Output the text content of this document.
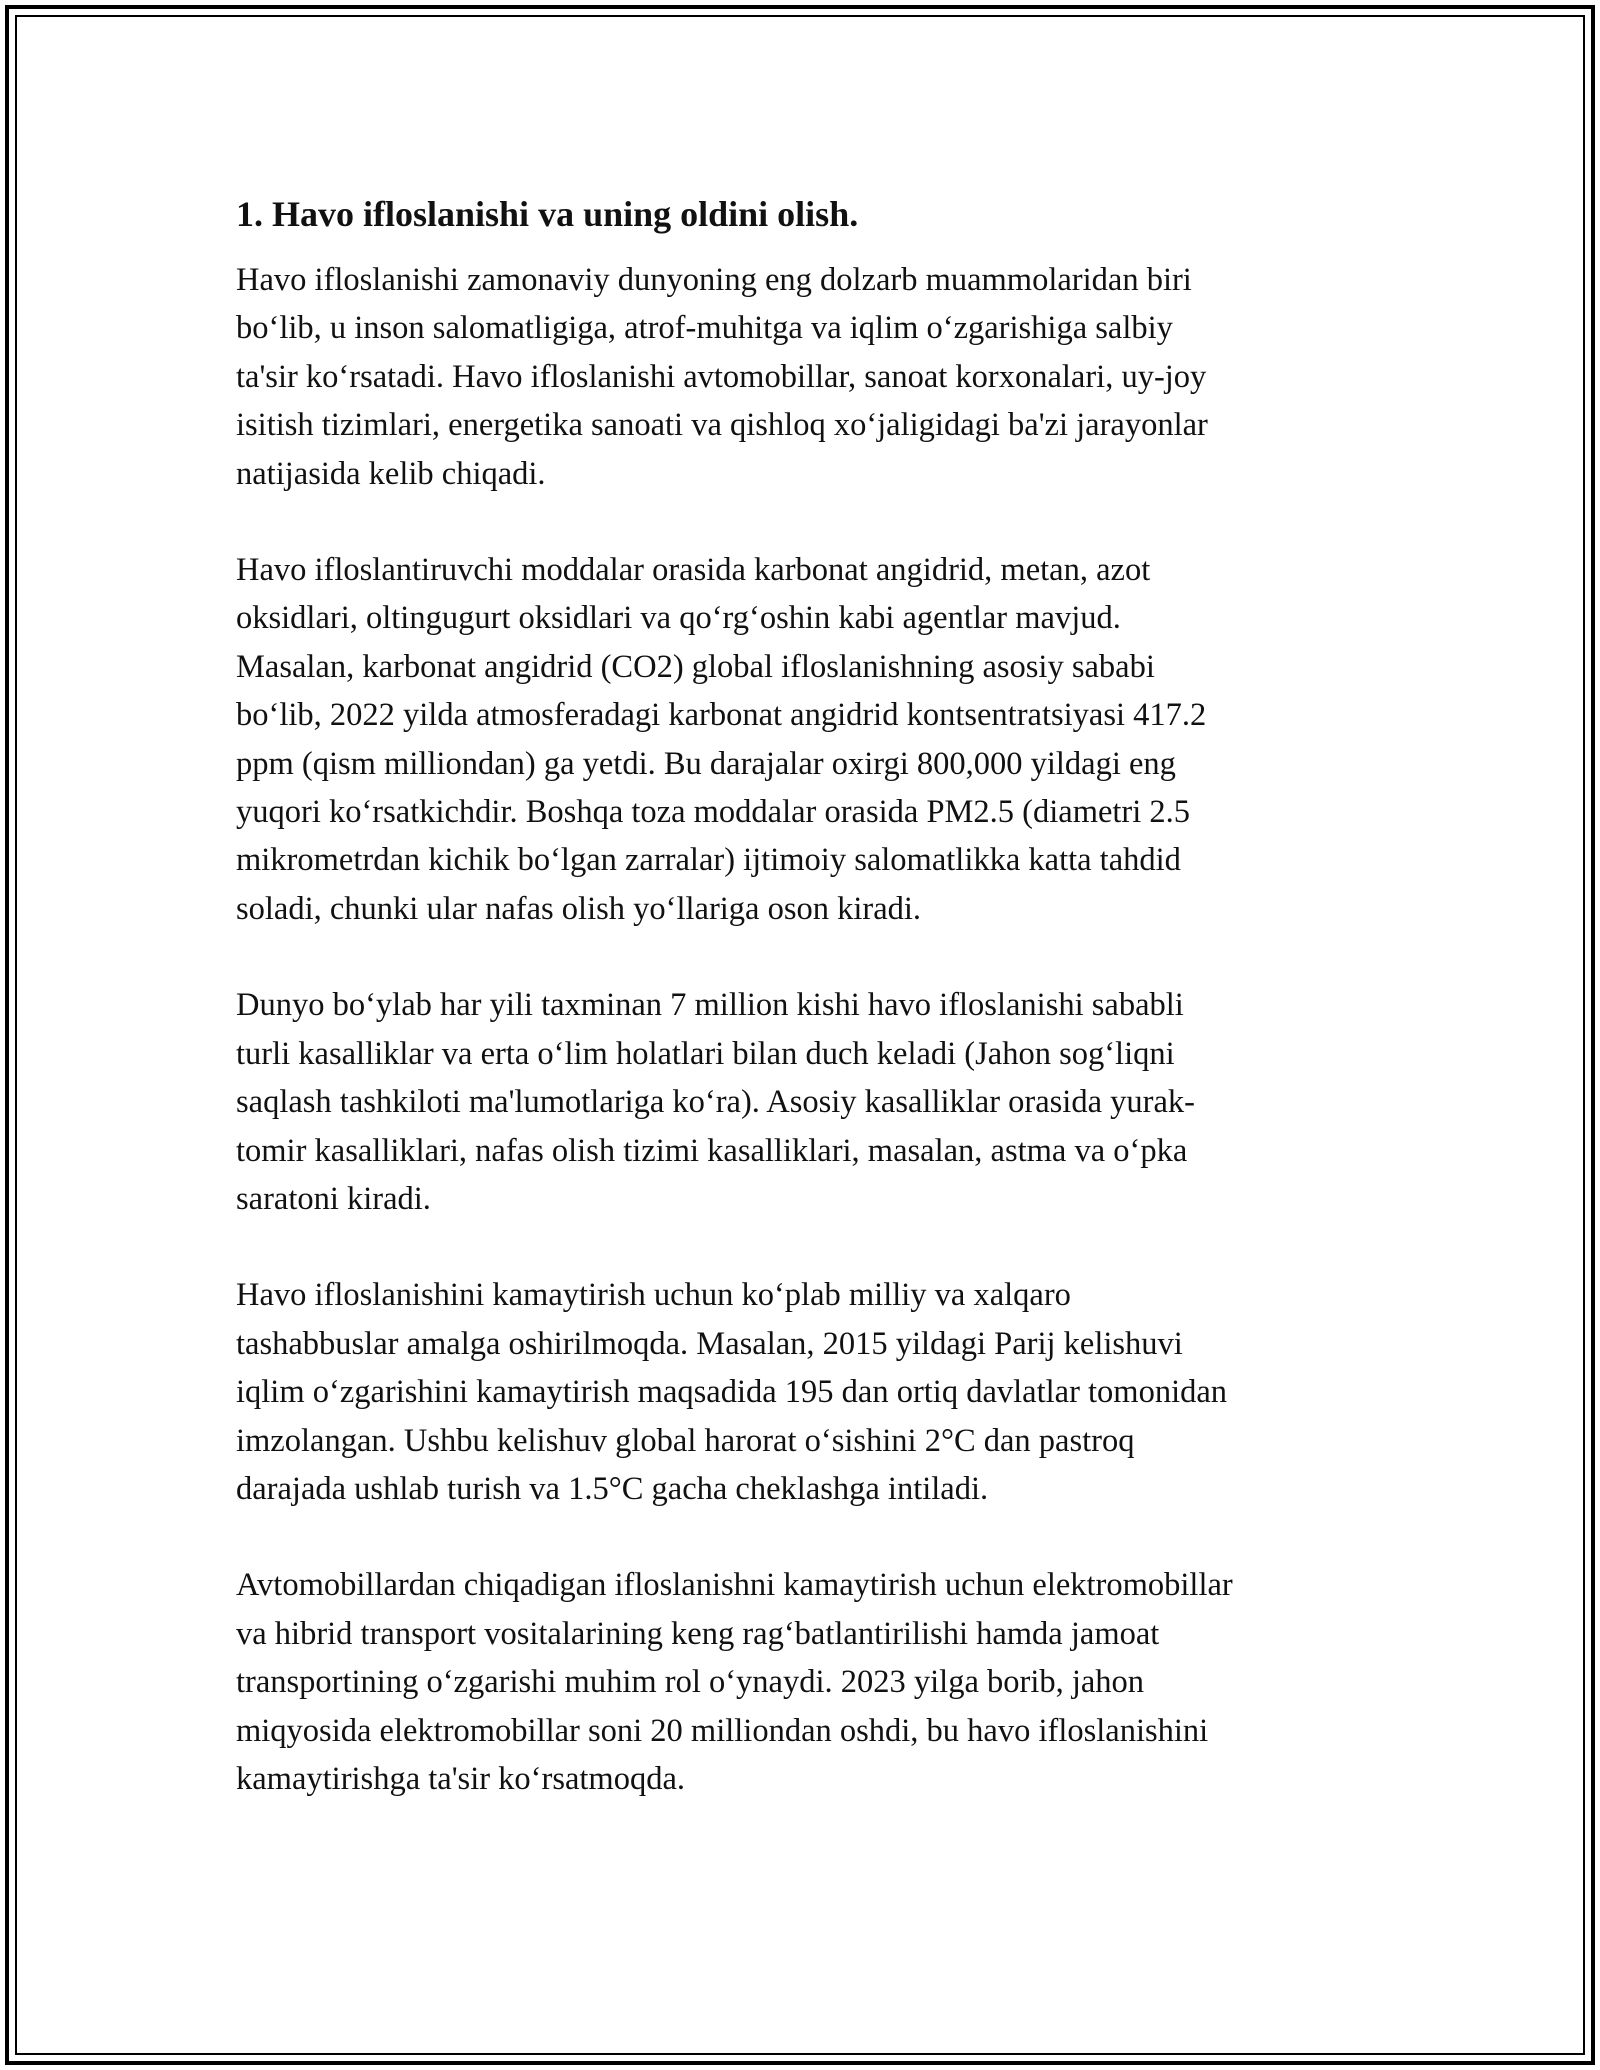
1. Havo ifloslanishi va uning oldini olish.

Havo ifloslanishi zamonaviy dunyoning eng dolzarb muammolaridan biri
bo‘lib, u inson salomatligiga, atrof-muhitga va iqlim o‘zgarishiga salbiy
ta'sir ko‘rsatadi. Havo ifloslanishi avtomobillar, sanoat korxonalari, uy-joy
isitish tizimlari, energetika sanoati va qishloq xo‘jaligidagi ba'zi jarayonlar
natijasida kelib chiqadi.

Havo ifloslantiruvchi moddalar orasida karbonat angidrid, metan, azot
oksidlari, oltingugurt oksidlari va qo‘rg‘oshin kabi agentlar mavjud.
Masalan, karbonat angidrid (CO2) global ifloslanishning asosiy sababi
bo‘lib, 2022 yilda atmosferadagi karbonat angidrid kontsentratsiyasi 417.2
ppm (qism milliondan) ga yetdi. Bu darajalar oxirgi 800,000 yildagi eng
yuqori ko‘rsatkichdir. Boshqa toza moddalar orasida PM2.5 (diametri 2.5
mikrometrdan kichik bo‘lgan zarralar) ijtimoiy salomatlikka katta tahdid
soladi, chunki ular nafas olish yo‘llariga oson kiradi.

Dunyo bo‘ylab har yili taxminan 7 million kishi havo ifloslanishi sababli
turli kasalliklar va erta o‘lim holatlari bilan duch keladi (Jahon sog‘liqni
saqlash tashkiloti ma'lumotlariga ko‘ra). Asosiy kasalliklar orasida yurak-
tomir kasalliklari, nafas olish tizimi kasalliklari, masalan, astma va o‘pka
saratoni kiradi.

Havo ifloslanishini kamaytirish uchun ko‘plab milliy va xalqaro
tashabbuslar amalga oshirilmoqda. Masalan, 2015 yildagi Parij kelishuvi
iqlim o‘zgarishini kamaytirish maqsadida 195 dan ortiq davlatlar tomonidan
imzolangan. Ushbu kelishuv global harorat o‘sishini 2°C dan pastroq
darajada ushlab turish va 1.5°C gacha cheklashga intiladi.

Avtomobillardan chiqadigan ifloslanishni kamaytirish uchun elektromobillar
va hibrid transport vositalarining keng rag‘batlantirilishi hamda jamoat
transportining o‘zgarishi muhim rol o‘ynaydi. 2023 yilga borib, jahon
miqyosida elektromobillar soni 20 milliondan oshdi, bu havo ifloslanishini
kamaytirishga ta'sir ko‘rsatmoqda.
